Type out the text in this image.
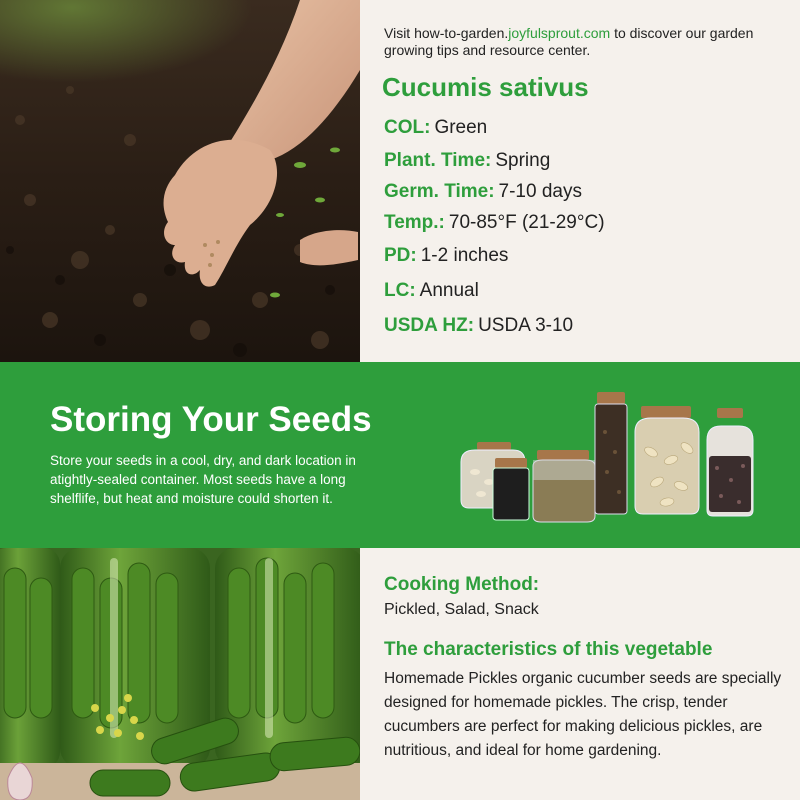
Visit how-to-garden.joyfulsprout.com to discover our garden growing tips and resource center.

Cucumis sativus
COL: Green
Plant. Time: Spring
Germ. Time: 7-10 days
Temp.: 70-85°F (21-29°C)
PD: 1-2 inches
LC: Annual
USDA HZ: USDA 3-10
Storing Your Seeds

Store your seeds in a cool, dry, and dark location in atightly-sealed container. Most seeds have a long shelflife, but heat and moisture could shorten it.

Cooking Method:
Pickled, Salad, Snack
The characteristics of this vegetable

Homemade Pickles organic cucumber seeds are specially designed for homemade pickles. The crisp, tender cucumbers are perfect for making delicious pickles, are nutritious, and ideal for home gardening.
